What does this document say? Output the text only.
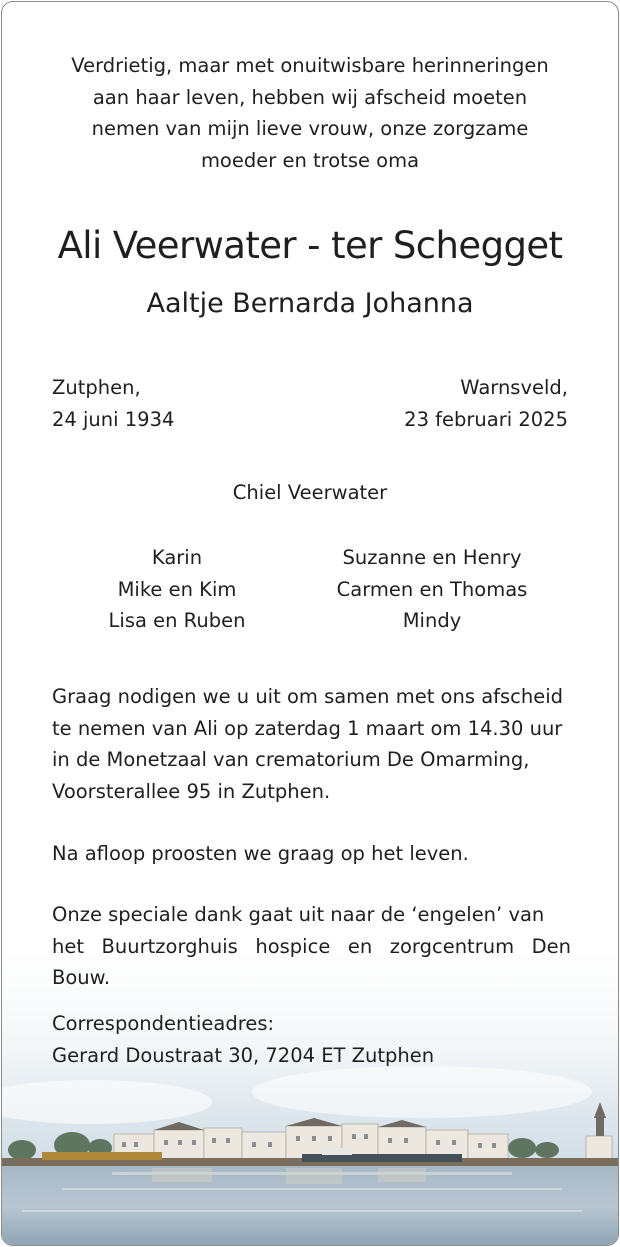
Verdrietig, maar met onuitwisbare herinneringen
aan haar leven, hebben wij afscheid moeten
nemen van mijn lieve vrouw, onze zorgzame
moeder en trotse oma
Ali Veerwater - ter Schegget
Aaltje Bernarda Johanna
Zutphen,
24 juni 1934
Warnsveld,
23 februari 2025
Chiel Veerwater
Karin
Mike en Kim
Lisa en Ruben
Suzanne en Henry
Carmen en Thomas
Mindy
Graag nodigen we u uit om samen met ons afscheid
te nemen van Ali op zaterdag 1 maart om 14.30 uur
in de Monetzaal van crematorium De Omarming,
Voorsterallee 95 in Zutphen.
Na afloop proosten we graag op het leven.
Onze speciale dank gaat uit naar de ‘engelen’ van
het Buurtzorghuis hospice en zorgcentrum Den Bouw.
Correspondentieadres:
Gerard Doustraat 30, 7204 ET Zutphen
